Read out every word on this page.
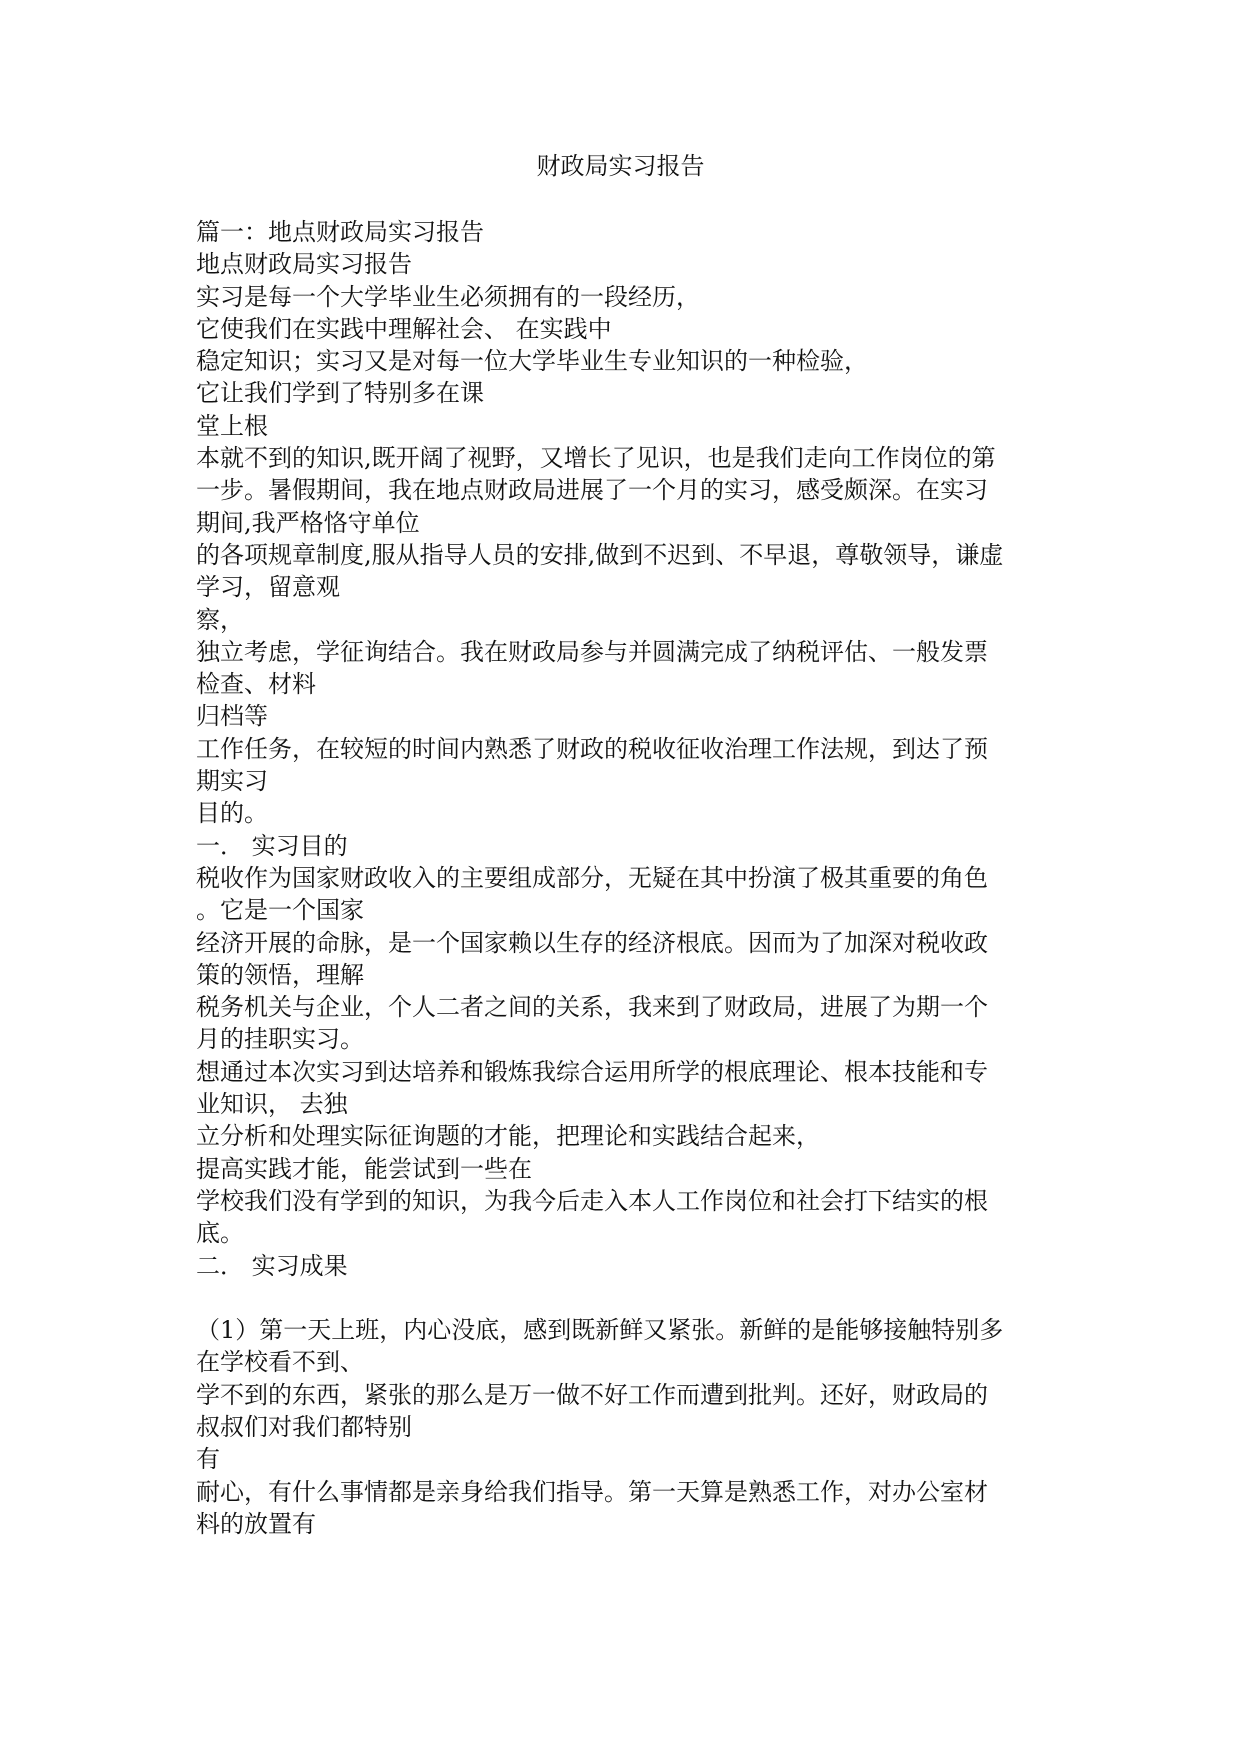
财政局实习报告
篇一：地点财政局实习报告
地点财政局实习报告
实习是每一个大学毕业生必须拥有的一段经历，
它使我们在实践中理解社会、 在实践中
稳定知识；实习又是对每一位大学毕业生专业知识的一种检验，
它让我们学到了特别多在课
堂上根
本就不到的知识,既开阔了视野，又增长了见识，也是我们走向工作岗位的第
一步。暑假期间，我在地点财政局进展了一个月的实习，感受颇深。在实习
期间,我严格恪守单位
的各项规章制度,服从指导人员的安排,做到不迟到、不早退，尊敬领导，谦虚
学习，留意观
察，
独立考虑，学征询结合。我在财政局参与并圆满完成了纳税评估、一般发票
检查、材料
归档等
工作任务，在较短的时间内熟悉了财政的税收征收治理工作法规，到达了预
期实习
目的。
一． 实习目的
税收作为国家财政收入的主要组成部分，无疑在其中扮演了极其重要的角色
。它是一个国家
经济开展的命脉，是一个国家赖以生存的经济根底。因而为了加深对税收政
策的领悟，理解
税务机关与企业，个人二者之间的关系，我来到了财政局，进展了为期一个
月的挂职实习。
想通过本次实习到达培养和锻炼我综合运用所学的根底理论、根本技能和专
业知识， 去独
立分析和处理实际征询题的才能，把理论和实践结合起来，
提高实践才能，能尝试到一些在
学校我们没有学到的知识，为我今后走入本人工作岗位和社会打下结实的根
底。
二． 实习成果
（1）第一天上班，内心没底，感到既新鲜又紧张。新鲜的是能够接触特别多
在学校看不到、
学不到的东西，紧张的那么是万一做不好工作而遭到批判。还好，财政局的
叔叔们对我们都特别
有
耐心，有什么事情都是亲身给我们指导。第一天算是熟悉工作，对办公室材
料的放置有
